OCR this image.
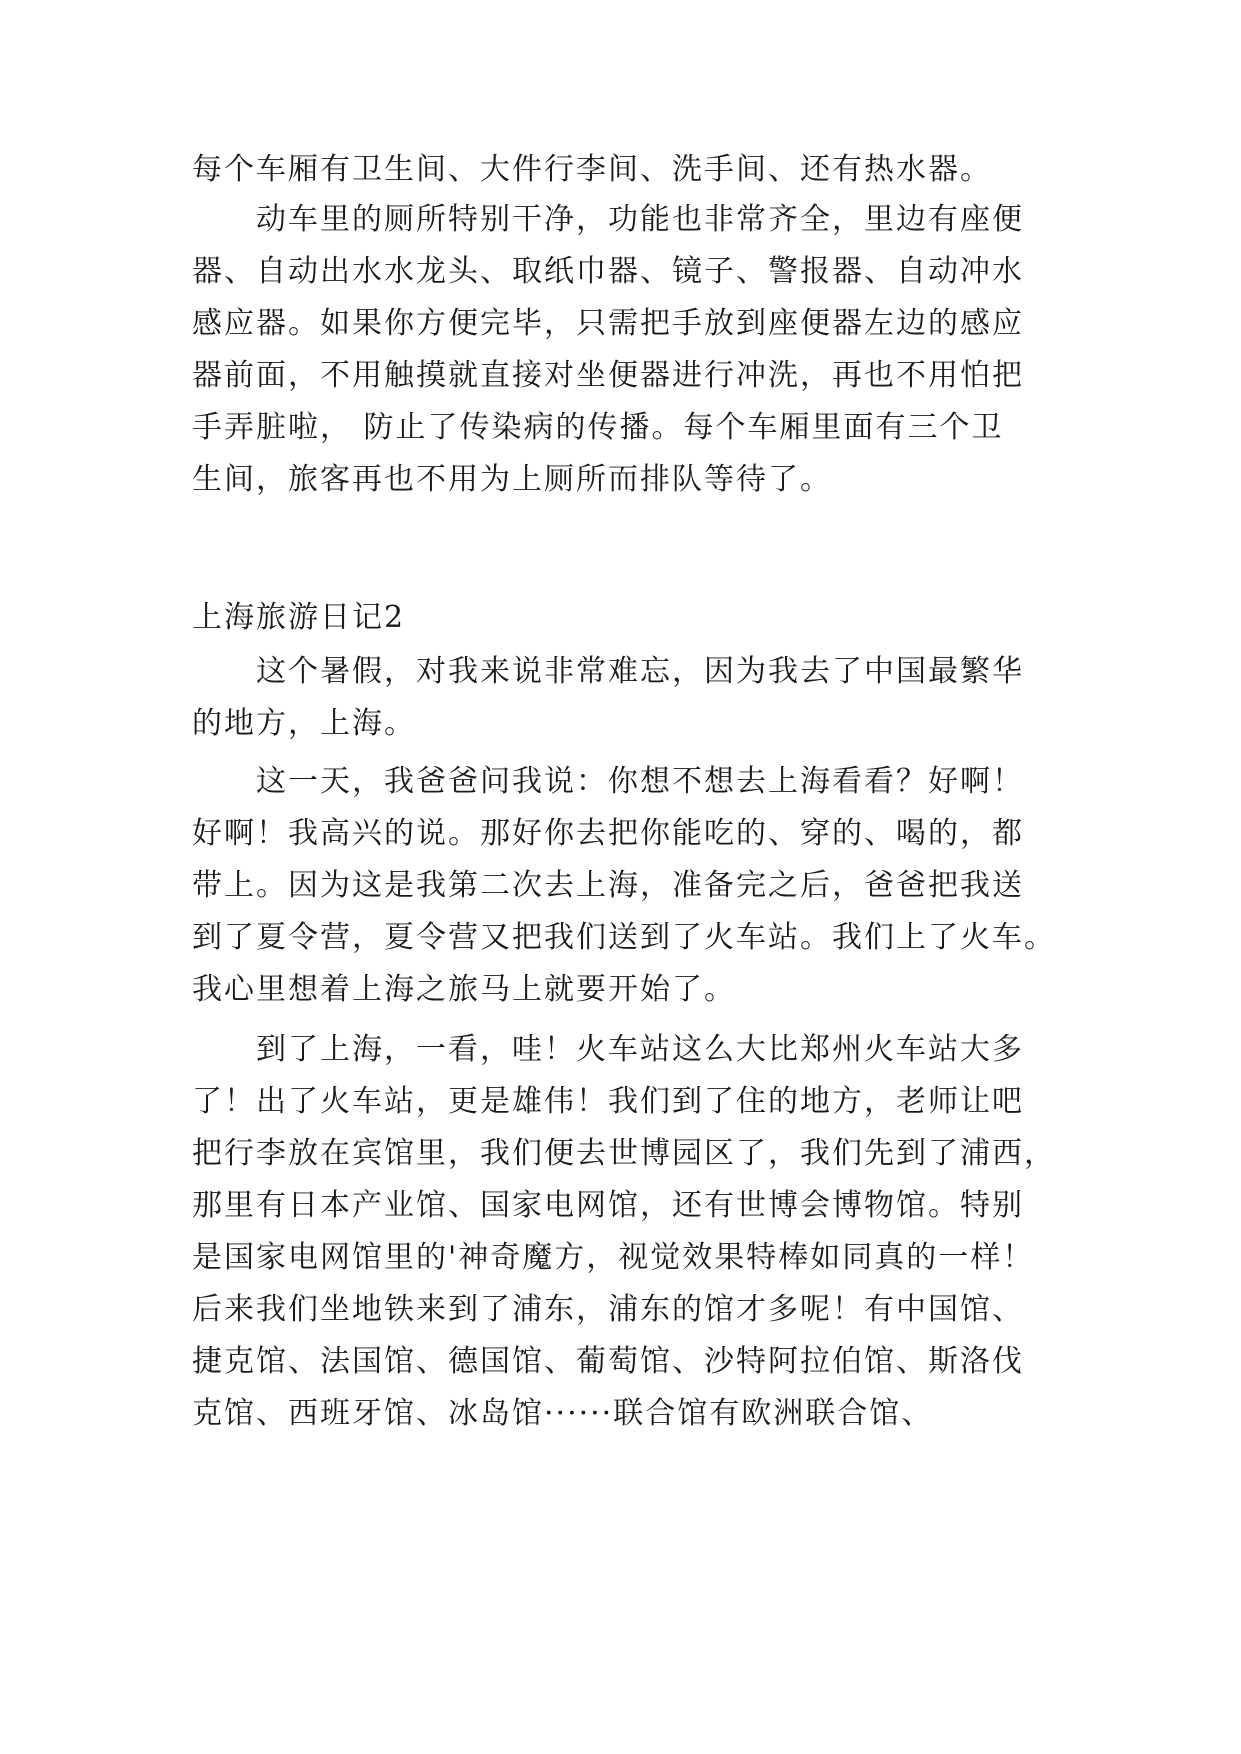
每个车厢有卫生间、大件行李间、洗手间、还有热水器。
动车里的厕所特别干净，功能也非常齐全，里边有座便
器、自动出水水龙头、取纸巾器、镜子、警报器、自动冲水
感应器。如果你方便完毕，只需把手放到座便器左边的感应
器前面，不用触摸就直接对坐便器进行冲洗，再也不用怕把
手弄脏啦， 防止了传染病的传播。每个车厢里面有三个卫
生间，旅客再也不用为上厕所而排队等待了。
上海旅游日记2
这个暑假，对我来说非常难忘，因为我去了中国最繁华
的地方，上海。
这一天，我爸爸问我说：你想不想去上海看看？好啊！
好啊！我高兴的说。那好你去把你能吃的、穿的、喝的，都
带上。因为这是我第二次去上海，准备完之后，爸爸把我送
到了夏令营，夏令营又把我们送到了火车站。我们上了火车。
我心里想着上海之旅马上就要开始了。
到了上海，一看，哇！火车站这么大比郑州火车站大多
了！出了火车站，更是雄伟！我们到了住的地方，老师让吧
把行李放在宾馆里，我们便去世博园区了，我们先到了浦西，
那里有日本产业馆、国家电网馆，还有世博会博物馆。特别
是国家电网馆里的'神奇魔方，视觉效果特棒如同真的一样！
后来我们坐地铁来到了浦东，浦东的馆才多呢！有中国馆、
捷克馆、法国馆、德国馆、葡萄馆、沙特阿拉伯馆、斯洛伐
克馆、西班牙馆、冰岛馆······联合馆有欧洲联合馆、
